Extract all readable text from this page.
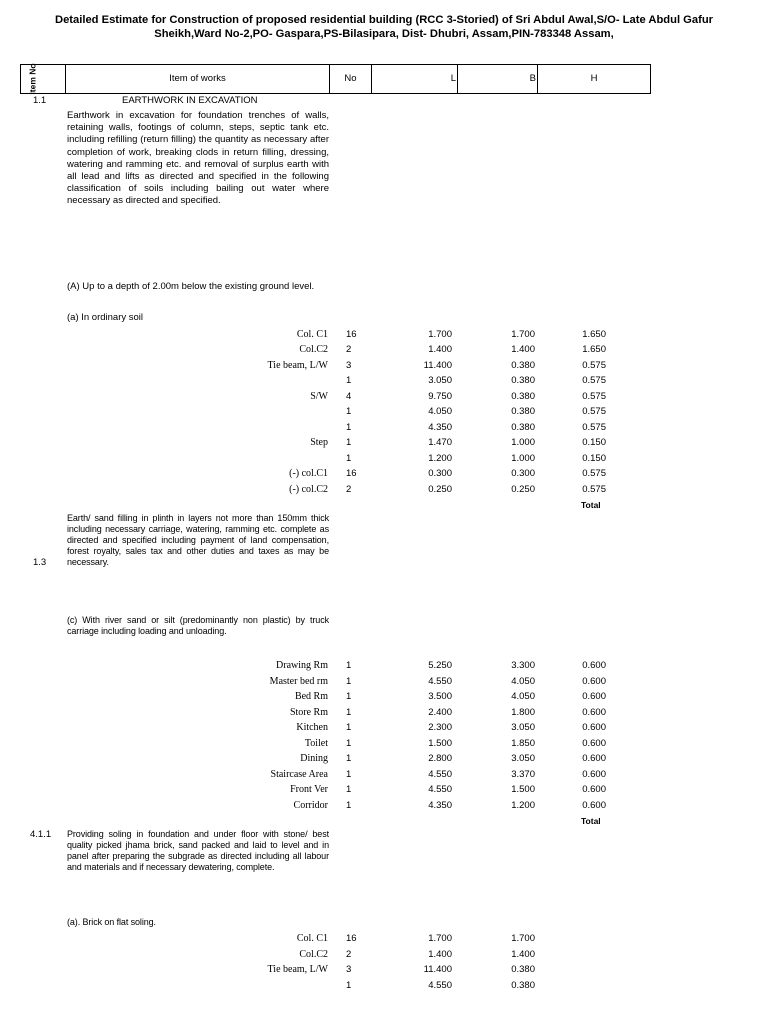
Detailed Estimate for Construction of proposed residential building (RCC 3-Storied) of Sri Abdul Awal,S/O- Late Abdul Gafur
Sheikh,Ward No-2,PO- Gaspara,PS-Bilasipara, Dist- Dhubri, Assam,PIN-783348 Assam,
Item No	Item of works	No	L	B	H
1.1	EARTHWORK IN EXCAVATION
Earthwork in excavation for foundation trenches of walls, retaining walls, footings of column, steps, septic tank etc. including refilling (return filling) the quantity as necessary after completion of work, breaking clods in return filling, dressing, watering and ramming etc. and removal of surplus earth with all lead and lifts as directed and specified in the following classification of soils including bailing out water where necessary as directed and specified.
(A) Up to a depth of 2.00m below the existing ground level.
(a) In ordinary soil
Col. C1 16	1.700	1.700	1.650
Col.C2 2	1.400	1.400	1.650
Tie beam, L/W 3	11.400	0.380	0.575
1	3.050	0.380	0.575
S/W 4	9.750	0.380	0.575
1	4.050	0.380	0.575
1	4.350	0.380	0.575
Step 1	1.470	1.000	0.150
1	1.200	1.000	0.150
(-) col.C1 16	0.300	0.300	0.575
(-) col.C2 2	0.250	0.250	0.575
Total
Earth/ sand filling in plinth in layers not more than 150mm thick including necessary carriage, watering, ramming etc. complete as directed and specified including payment of land compensation, forest royalty, sales tax and other duties and taxes as may be necessary.
1.3
(c) With river sand or silt (predominantly non plastic) by truck carriage including loading and unloading.
Drawing Rm 1	5.250	3.300	0.600
Master bed rm 1	4.550	4.050	0.600
Bed Rm 1	3.500	4.050	0.600
Store Rm 1	2.400	1.800	0.600
Kitchen 1	2.300	3.050	0.600
Toilet 1	1.500	1.850	0.600
Dining 1	2.800	3.050	0.600
Staircase Area 1	4.550	3.370	0.600
Front Ver 1	4.550	1.500	0.600
Corridor 1	4.350	1.200	0.600
Total
4.1.1 Providing soling in foundation and under floor with stone/ best quality picked jhama brick, sand packed and laid to level and in panel after preparing the subgrade as directed including all labour and materials and if necessary dewatering, complete.
(a). Brick on flat soling.
Col. C1 16	1.700	1.700
Col.C2 2	1.400	1.400
Tie beam, L/W 3	11.400	0.380
1	4.550	0.380
